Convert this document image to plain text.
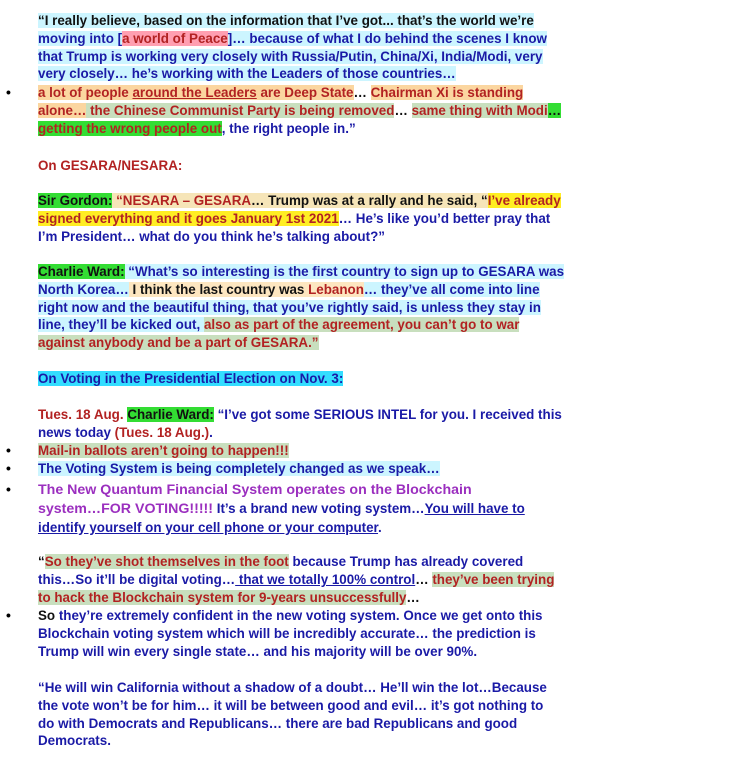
“I really believe, based on the information that I’ve got... that’s the world we’re
moving into [a world of Peace]… because of what I do behind the scenes I know
that Trump is working very closely with Russia/Putin, China/Xi, India/Modi, very
very closely… he’s working with the Leaders of those countries…

•	a lot of people around the Leaders are Deep State… Chairman Xi is standing
alone… the Chinese Communist Party is being removed… same thing with Modi…
getting the wrong people out, the right people in.”

On GESARA/NESARA:

Sir Gordon: “NESARA – GESARA… Trump was at a rally and he said, “I’ve already
signed everything and it goes January 1st 2021… He’s like you’d better pray that
I’m President… what do you think he’s talking about?”

Charlie Ward: “What’s so interesting is the first country to sign up to GESARA was
North Korea… I think the last country was Lebanon… they’ve all come into line
right now and the beautiful thing, that you’ve rightly said, is unless they stay in
line, they’ll be kicked out, also as part of the agreement, you can’t go to war
against anybody and be a part of GESARA.”

On Voting in the Presidential Election on Nov. 3:

Tues. 18 Aug. Charlie Ward: “I’ve got some SERIOUS INTEL for you. I received this
news today (Tues. 18 Aug.).

•	Mail-in ballots aren’t going to happen!!!

•	The Voting System is being completely changed as we speak…

•	The New Quantum Financial System operates on the Blockchain
system…FOR VOTING!!!!! It’s a brand new voting system…You will have to
identify yourself on your cell phone or your computer.

“So they’ve shot themselves in the foot because Trump has already covered
this…So it’ll be digital voting… that we totally 100% control… they’ve been trying
to hack the Blockchain system for 9-years unsuccessfully…

•	So they’re extremely confident in the new voting system. Once we get onto this
Blockchain voting system which will be incredibly accurate… the prediction is
Trump will win every single state… and his majority will be over 90%.

“He will win California without a shadow of a doubt… He’ll win the lot…Because
the vote won’t be for him… it will be between good and evil… it’s got nothing to
do with Democrats and Republicans… there are bad Republicans and good
Democrats.
